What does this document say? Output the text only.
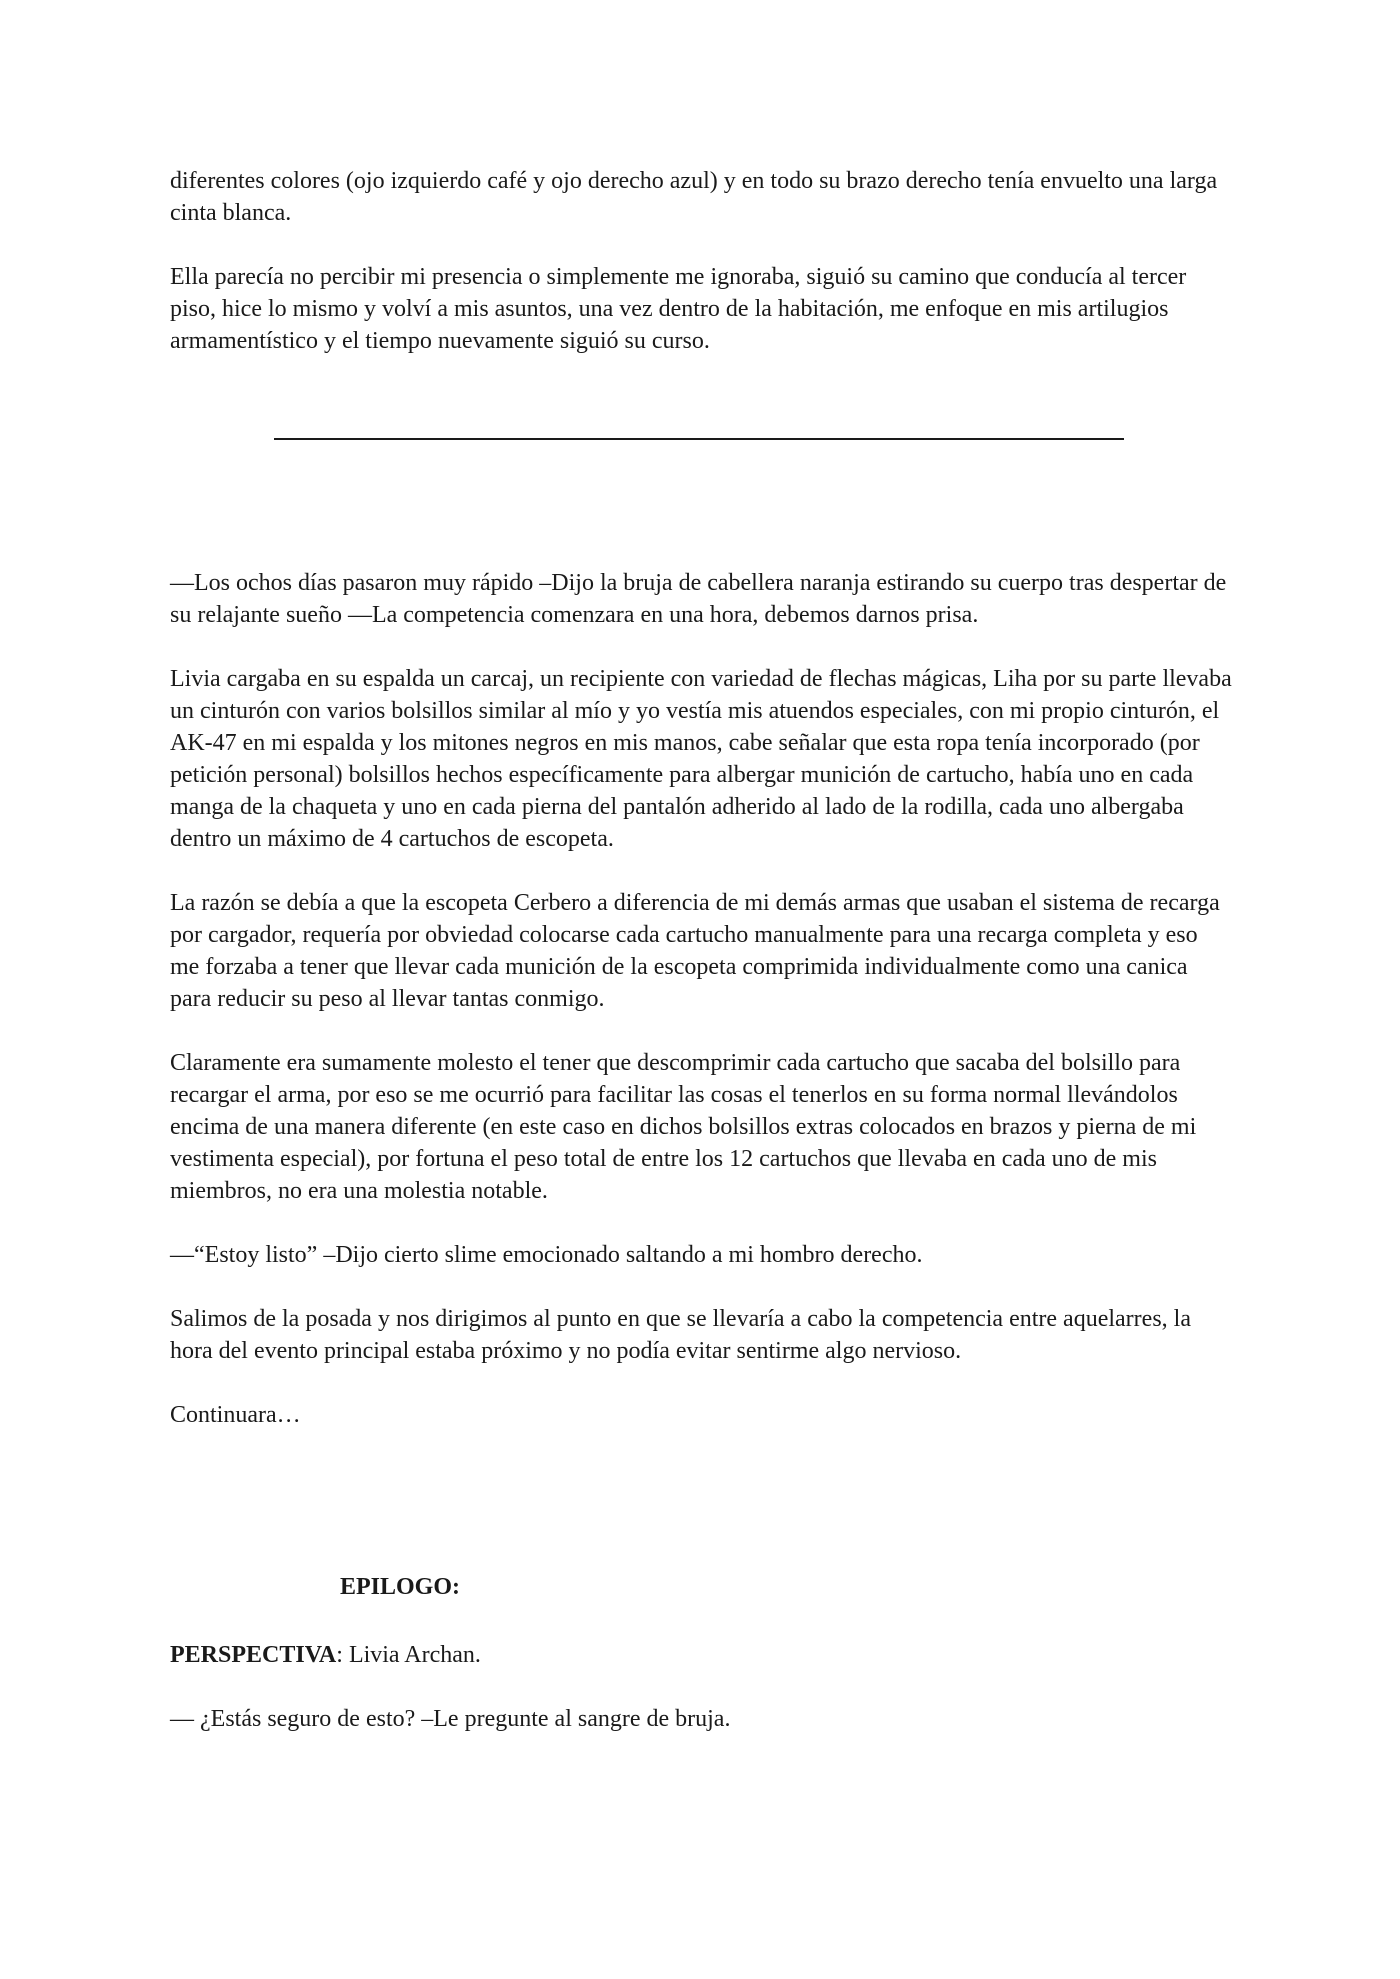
diferentes colores (ojo izquierdo café y ojo derecho azul) y en todo su brazo derecho tenía envuelto una larga cinta blanca.

Ella parecía no percibir mi presencia o simplemente me ignoraba, siguió su camino que conducía al tercer piso, hice lo mismo y volví a mis asuntos, una vez dentro de la habitación, me enfoque en mis artilugios armamentístico y el tiempo nuevamente siguió su curso.

—Los ochos días pasaron muy rápido –Dijo la bruja de cabellera naranja estirando su cuerpo tras despertar de su relajante sueño —La competencia comenzara en una hora, debemos darnos prisa.

Livia cargaba en su espalda un carcaj, un recipiente con variedad de flechas mágicas, Liha por su parte llevaba un cinturón con varios bolsillos similar al mío y yo vestía mis atuendos especiales, con mi propio cinturón, el AK-47 en mi espalda y los mitones negros en mis manos, cabe señalar que esta ropa tenía incorporado (por petición personal) bolsillos hechos específicamente para albergar munición de cartucho, había uno en cada manga de la chaqueta y uno en cada pierna del pantalón adherido al lado de la rodilla, cada uno albergaba dentro un máximo de 4 cartuchos de escopeta.

La razón se debía a que la escopeta Cerbero a diferencia de mi demás armas que usaban el sistema de recarga por cargador, requería por obviedad colocarse cada cartucho manualmente para una recarga completa y eso me forzaba a tener que llevar cada munición de la escopeta comprimida individualmente como una canica para reducir su peso al llevar tantas conmigo.

Claramente era sumamente molesto el tener que descomprimir cada cartucho que sacaba del bolsillo para recargar el arma, por eso se me ocurrió para facilitar las cosas el tenerlos en su forma normal llevándolos encima de una manera diferente (en este caso en dichos bolsillos extras colocados en brazos y pierna de mi vestimenta especial), por fortuna el peso total de entre los 12 cartuchos que llevaba en cada uno de mis miembros, no era una molestia notable.

—“Estoy listo” –Dijo cierto slime emocionado saltando a mi hombro derecho.

Salimos de la posada y nos dirigimos al punto en que se llevaría a cabo la competencia entre aquelarres, la hora del evento principal estaba próximo y no podía evitar sentirme algo nervioso.

Continuara…

EPILOGO:

PERSPECTIVA: Livia Archan.

— ¿Estás seguro de esto? –Le pregunte al sangre de bruja.
